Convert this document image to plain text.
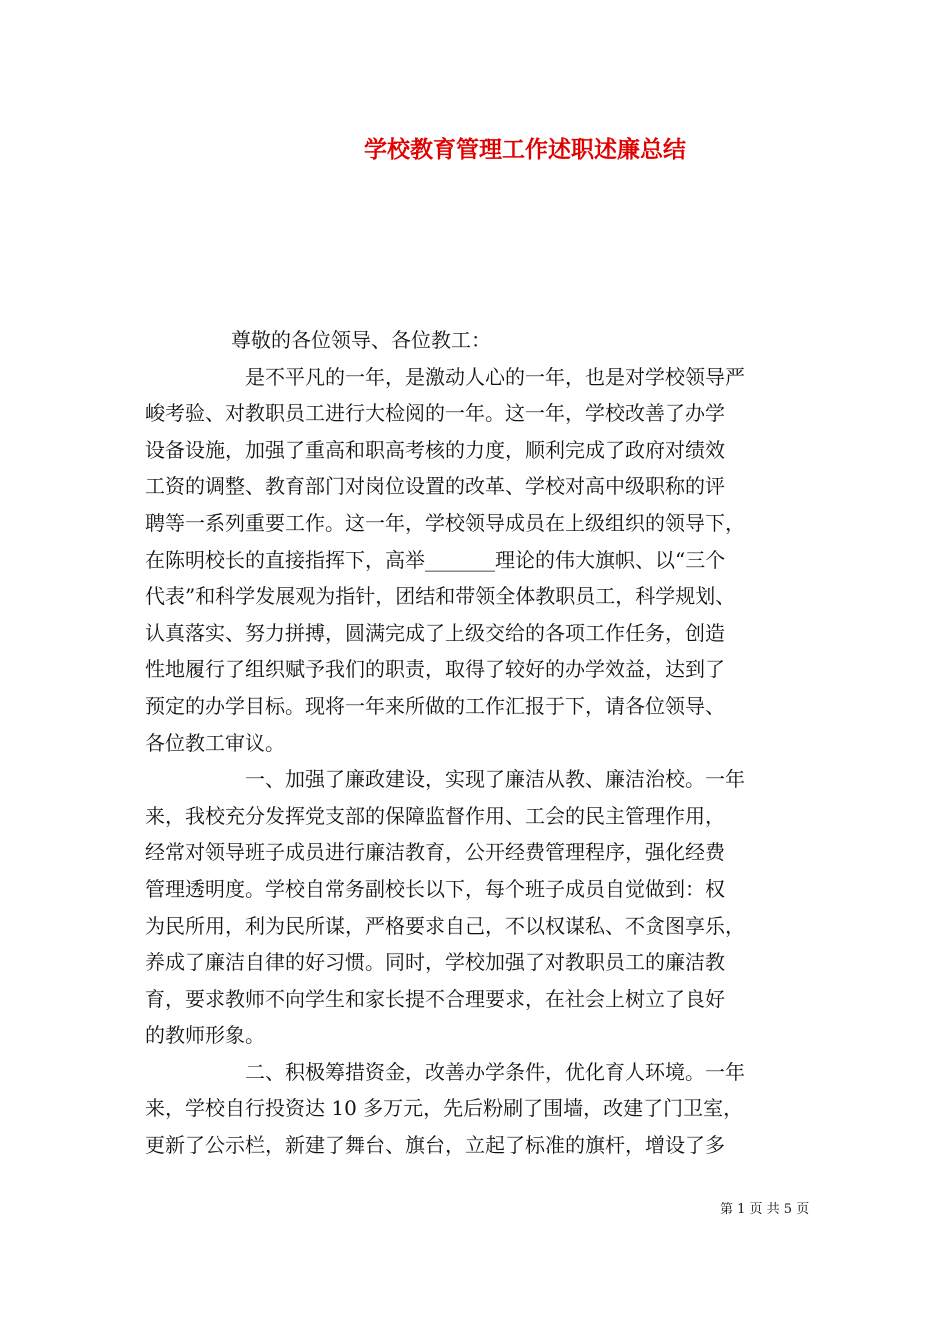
学校教育管理工作述职述廉总结
尊敬的各位领导、各位教工：
是不平凡的一年，是激动人心的一年，也是对学校领导严
峻考验、对教职员工进行大检阅的一年。这一年，学校改善了办学
设备设施，加强了重高和职高考核的力度，顺利完成了政府对绩效
工资的调整、教育部门对岗位设置的改革、学校对高中级职称的评
聘等一系列重要工作。这一年，学校领导成员在上级组织的领导下，
在陈明校长的直接指挥下，高举_______理论的伟大旗帜、以“三个
代表”和科学发展观为指针，团结和带领全体教职员工，科学规划、
认真落实、努力拼搏，圆满完成了上级交给的各项工作任务，创造
性地履行了组织赋予我们的职责，取得了较好的办学效益，达到了
预定的办学目标。现将一年来所做的工作汇报于下，请各位领导、
各位教工审议。
一、加强了廉政建设，实现了廉洁从教、廉洁治校。一年
来，我校充分发挥党支部的保障监督作用、工会的民主管理作用，
经常对领导班子成员进行廉洁教育，公开经费管理程序，强化经费
管理透明度。学校自常务副校长以下，每个班子成员自觉做到：权
为民所用，利为民所谋，严格要求自己，不以权谋私、不贪图享乐，
养成了廉洁自律的好习惯。同时，学校加强了对教职员工的廉洁教
育，要求教师不向学生和家长提不合理要求，在社会上树立了良好
的教师形象。
二、积极筹措资金，改善办学条件，优化育人环境。一年
来，学校自行投资达 10 多万元，先后粉刷了围墙，改建了门卫室，
更新了公示栏，新建了舞台、旗台，立起了标准的旗杆，增设了多
第 1 页 共 5 页
